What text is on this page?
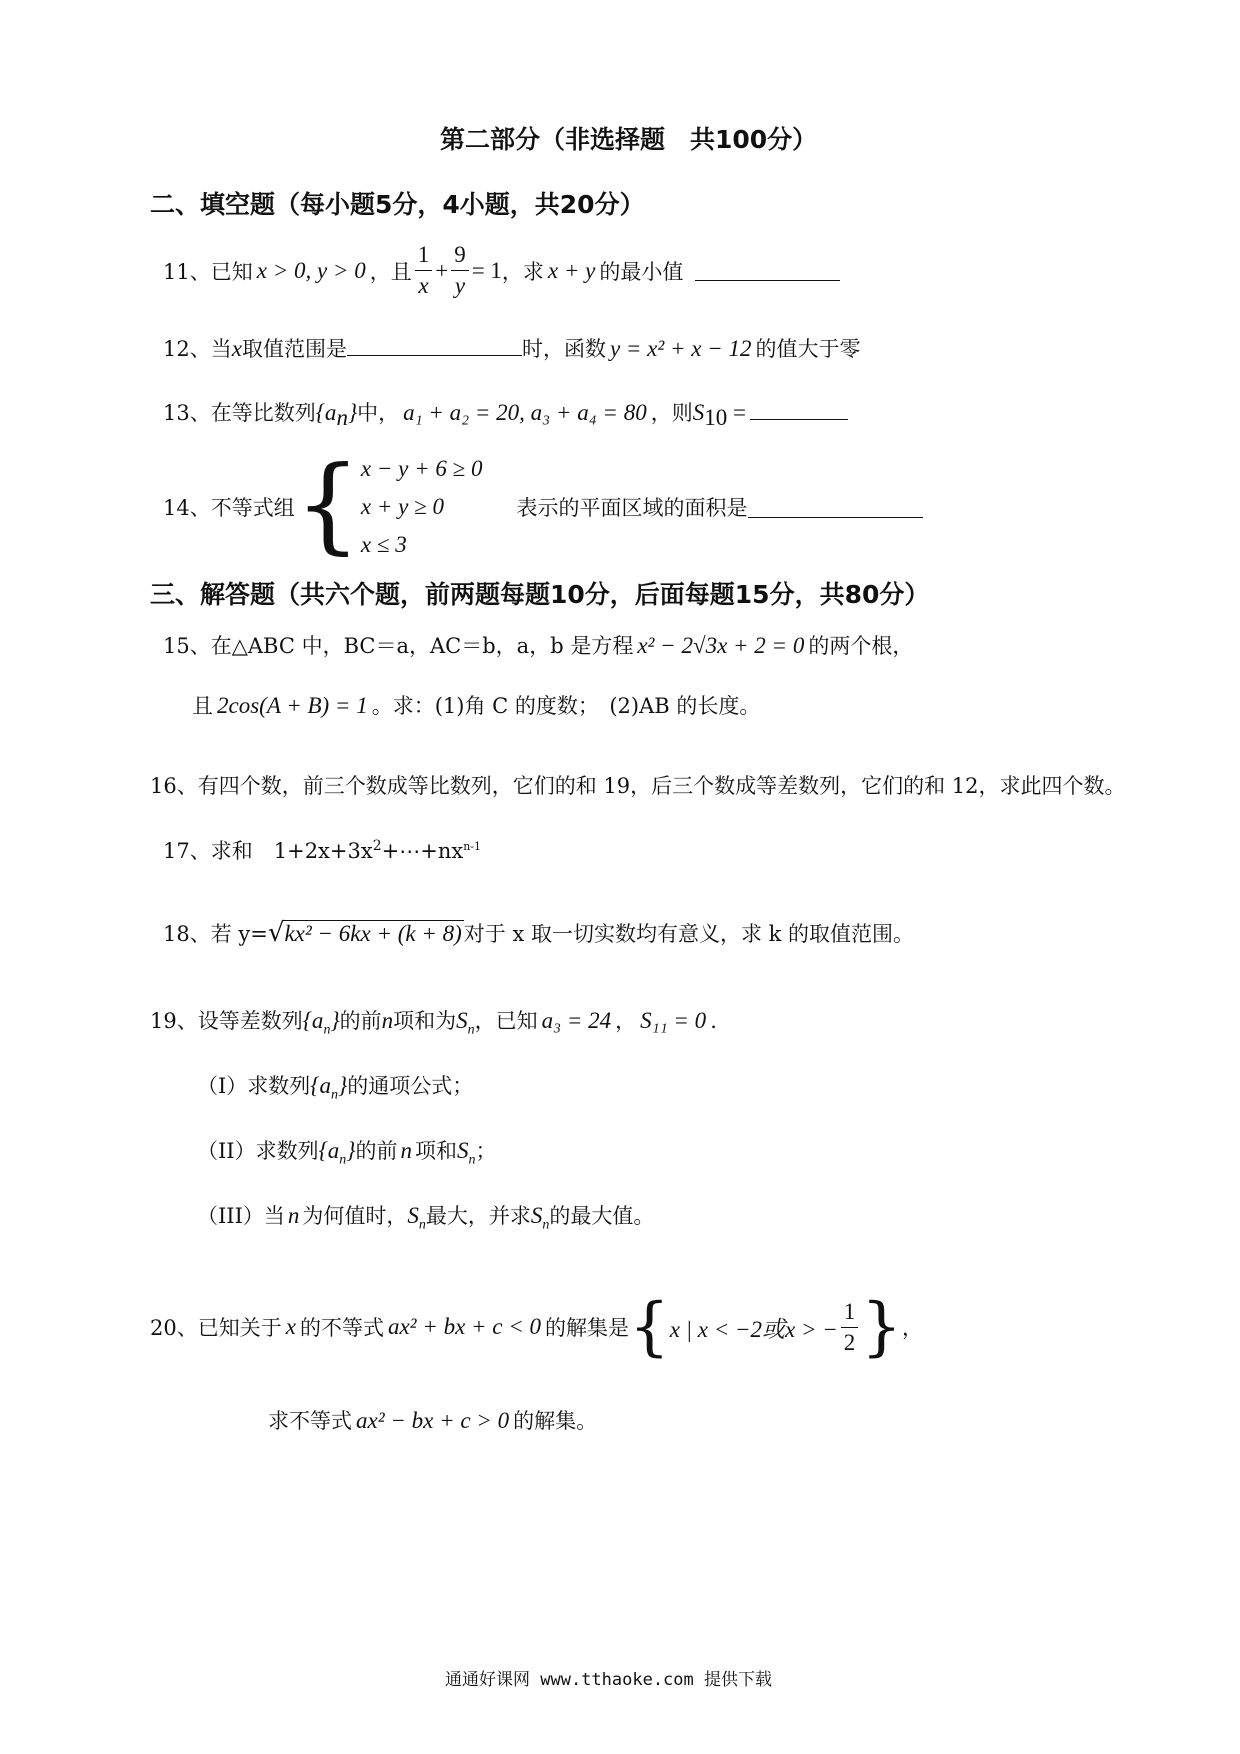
第二部分（非选择题　共100分）
二、填空题（每小题5分，4小题，共20分）
11、 已知 x > 0, y > 0 ，且 $\frac{1}{x} + \frac{9}{y} = 1$ ，求 x + y 的最小值
12、当x取值范围是	时，函数 y = x² + x − 12 的值大于零
13、在等比数列$\{a_n\}$中， a₁ + a₂ = 20, a₃ + a₄ = 80 ，则$S_{10}$ =
14、 不等式组 { x − y + 6 ≥ 0
x + y ≥ 0
x ≤ 3
表示的平面区域的面积是
三、解答题（共六个题，前两题每题10分，后面每题15分，共80分）
15、在△ABC 中，BC＝a，AC＝b，a，b 是方程 x² − 2√3x + 2 = 0 的两个根，
且 2cos(A + B) = 1 。求：(1)角 C 的度数；　(2)AB 的长度。
16、有四个数，前三个数成等比数列，它们的和 19，后三个数成等差数列，它们的和 12，求此四个数。
17、求和　$1+2x+3x^2+\cdots+nx^{n-1}$
18、若 y=√kx² − 6kx + (k + 8)对于 x 取一切实数均有意义，求 k 的取值范围。
19、设等差数列$\{a_n\}$的前n项和为$S_n$，已知 a₃ = 24 ， S₁₁ = 0 .
（I）求数列$\{a_n\}$的通项公式；
（II）求数列$\{a_n\}$的前 n 项和$S_n$；
（III）当 n 为何值时，$S_n$最大，并求$S_n$的最大值。
20、已知关于 x 的不等式 ax² + bx + c < 0 的解集是 { x | x < −2或x > − $\frac{1}{2}$ } ，
求不等式 ax² − bx + c > 0 的解集。
通通好课网 www.tthaoke.com 提供下载
